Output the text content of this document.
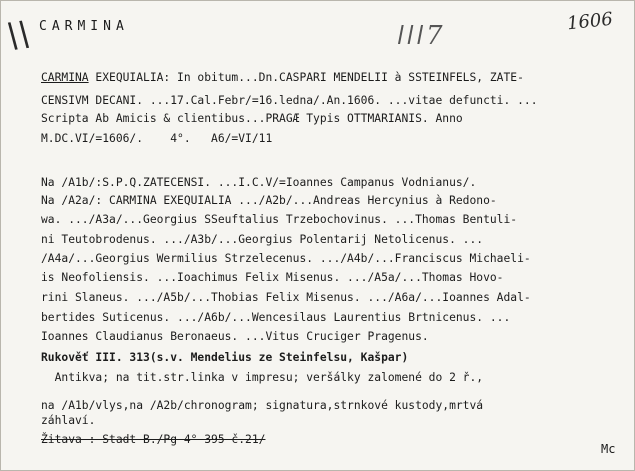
\\	1606
ǀǀǀ7
CARMINA
CARMINA EXEQUIALIA: In obitum...Dn.CASPARI MENDELII à SSTEINFELS, ZATE-
CENSIVM DECANI. ...17.Cal.Febr/=16.ledna/.An.1606. ...vitae defuncti. ...
Scripta Ab Amicis & clientibus...PRAGÆ Typis OTTMARIANIS. Anno
M.DC.VI/=1606/.    4°.   A6/=VI/11
Na /A1b/:S.P.Q.ZATECENSI. ...I.C.V/=Ioannes Campanus Vodnianus/.
Na /A2a/: CARMINA EXEQUIALIA .../A2b/...Andreas Hercynius à Redono-
wa. .../A3a/...Georgius SSeuftalius Trzebochovinus. ...Thomas Bentuli-
ni Teutobrodenus. .../A3b/...Georgius Polentarij Netolicenus. ...
/A4a/...Georgius Wermilius Strzelecenus. .../A4b/...Franciscus Michaeli-
is Neofoliensis. ...Ioachimus Felix Misenus. .../A5a/...Thomas Hovo-
rini Slaneus. .../A5b/...Thobias Felix Misenus. .../A6a/...Ioannes Adal-
bertides Suticenus. .../A6b/...Wencesilaus Laurentius Brtnicenus. ...
Ioannes Claudianus Beronaeus. ...Vitus Cruciger Pragenus.
Rukověť III. 313(s.v. Mendelius ze Steinfelsu, Kašpar)
Antikva; na tit.str.linka v impresu; veršálky zalomené do 2 ř.,
na /A1b/vlys,na /A2b/chronogram; signatura,strnkové kustody,mrtvá
záhlaví.
Žitava : Stadt B./Pg 4° 395 č.21/
Mc
